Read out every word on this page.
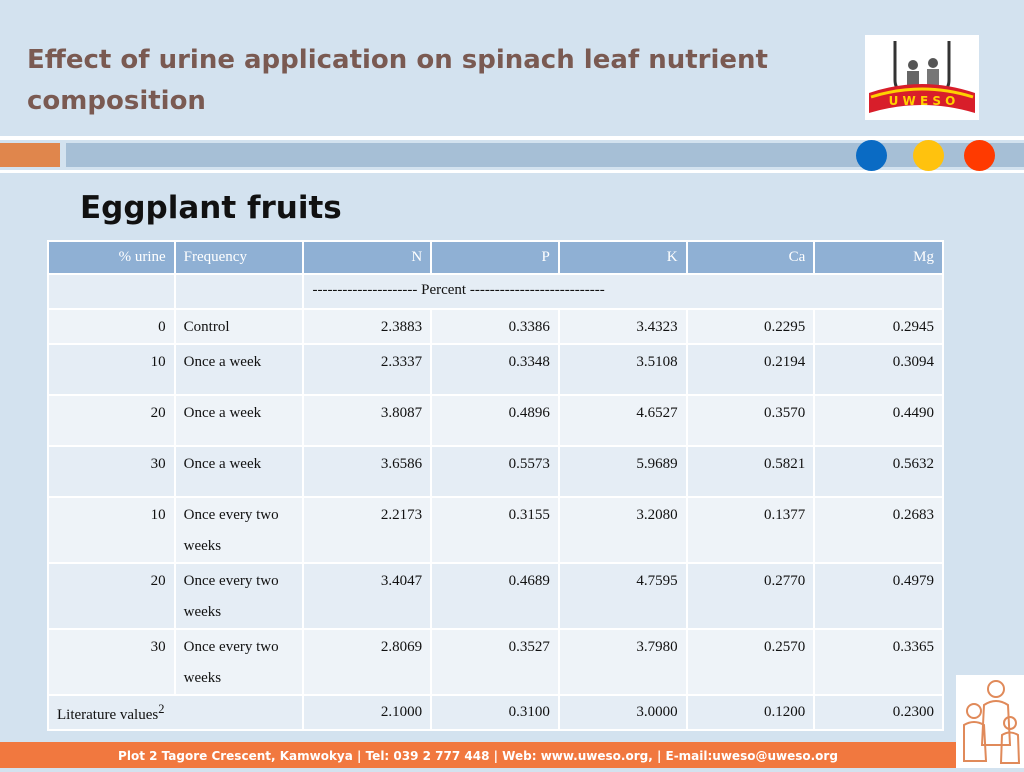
Effect of urine application on spinach leaf nutrient composition	U W E S O
Eggplant fruits
% urine	Frequency	N	P	K	Ca	Mg
		--------------------- Percent ---------------------------				
0	Control	2.3883	0.3386	3.4323	0.2295	0.2945
10	Once a week	2.3337	0.3348	3.5108	0.2194	0.3094
20	Once a week	3.8087	0.4896	4.6527	0.3570	0.4490
30	Once a week	3.6586	0.5573	5.9689	0.5821	0.5632
10	Once every two weeks	2.2173	0.3155	3.2080	0.1377	0.2683
20	Once every two weeks	3.4047	0.4689	4.7595	0.2770	0.4979
30	Once every two weeks	2.8069	0.3527	3.7980	0.2570	0.3365
Literature values$^2$		2.1000	0.3100	3.0000	0.1200	0.2300
Plot 2 Tagore Crescent, Kamwokya | Tel: 039 2 777 448 | Web: www.uweso.org, | E-mail:uweso@uweso.org
